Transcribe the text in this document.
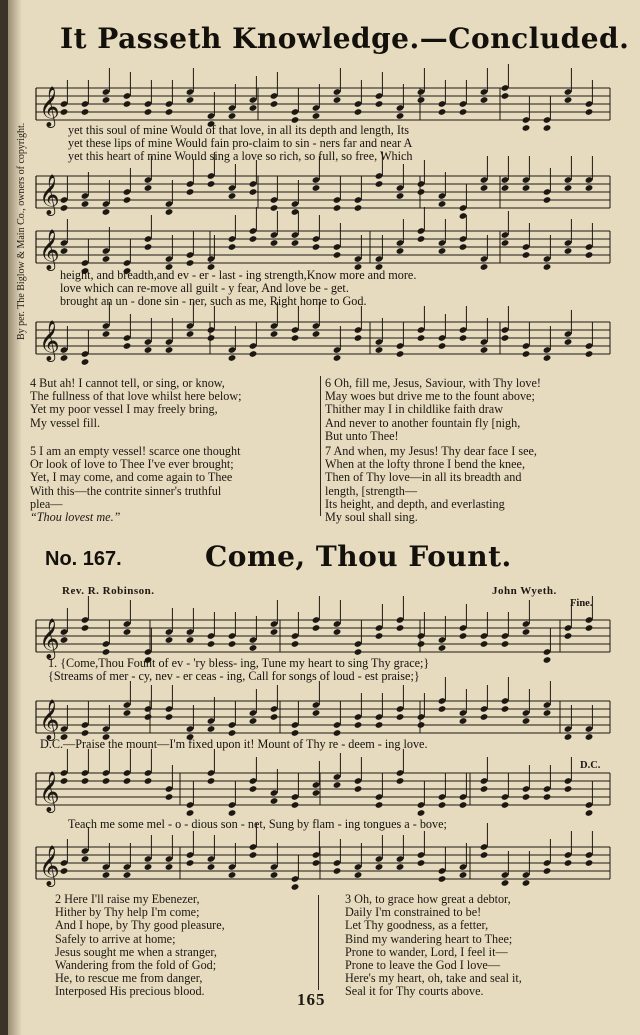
It Passeth Knowledge.—Concluded.
By per. The Biglow & Main Co., owners of copyright.
𝄞
𝄞
𝄞
𝄞
𝄞
𝄞
𝄞
𝄞
yet this soul of mine Would of that love, in all its depth and length, Its
yet these lips of mine Would fain pro-claim to sin - ners far and near A
yet this heart of mine Would sing a love so rich, so full, so free, Which
height, and breadth,and ev - er - last - ing strength,Know more and more.
love which can re-move all guilt - y fear, And love be - get.
brought an un - done sin - ner, such as me, Right home to God.
4 But ah! I cannot tell, or sing, or know,
The fullness of that love whilst here below;
Yet my poor vessel I may freely bring,
My vessel fill.
5 I am an empty vessel! scarce one thought
Or look of love to Thee I've ever brought;
Yet, I may come, and come again to Thee
With this—the contrite sinner's truthful
plea—
“Thou lovest me.”
6 Oh, fill me, Jesus, Saviour, with Thy love!
May woes but drive me to the fount above;
Thither may I in childlike faith draw
And never to another fountain fly [nigh,
But unto Thee!
7 And when, my Jesus! Thy dear face I see,
When at the lofty throne I bend the knee,
Then of Thy love—in all its breadth and
length, [strength—
Its height, and depth, and everlasting
My soul shall sing.
No. 167.	Come, Thou Fount.
Rev. R. Robinson.	John Wyeth.
Fine.
1. {Come,Thou Fount of ev - 'ry bless- ing, Tune my heart to sing Thy grace;}
{Streams of mer - cy, nev - er ceas - ing, Call for songs of loud - est praise;}
D.C.—Praise the mount—I'm fixed upon it! Mount of Thy re - deem - ing love.
D.C.
Teach me some mel - o - dious son - net, Sung by flam - ing tongues a - bove;
2 Here I'll raise my Ebenezer,
Hither by Thy help I'm come;
And I hope, by Thy good pleasure,
Safely to arrive at home;
Jesus sought me when a stranger,
Wandering from the fold of God;
He, to rescue me from danger,
Interposed His precious blood.
3 Oh, to grace how great a debtor,
Daily I'm constrained to be!
Let Thy goodness, as a fetter,
Bind my wandering heart to Thee;
Prone to wander, Lord, I feel it—
Prone to leave the God I love—
Here's my heart, oh, take and seal it,
Seal it for Thy courts above.
165
